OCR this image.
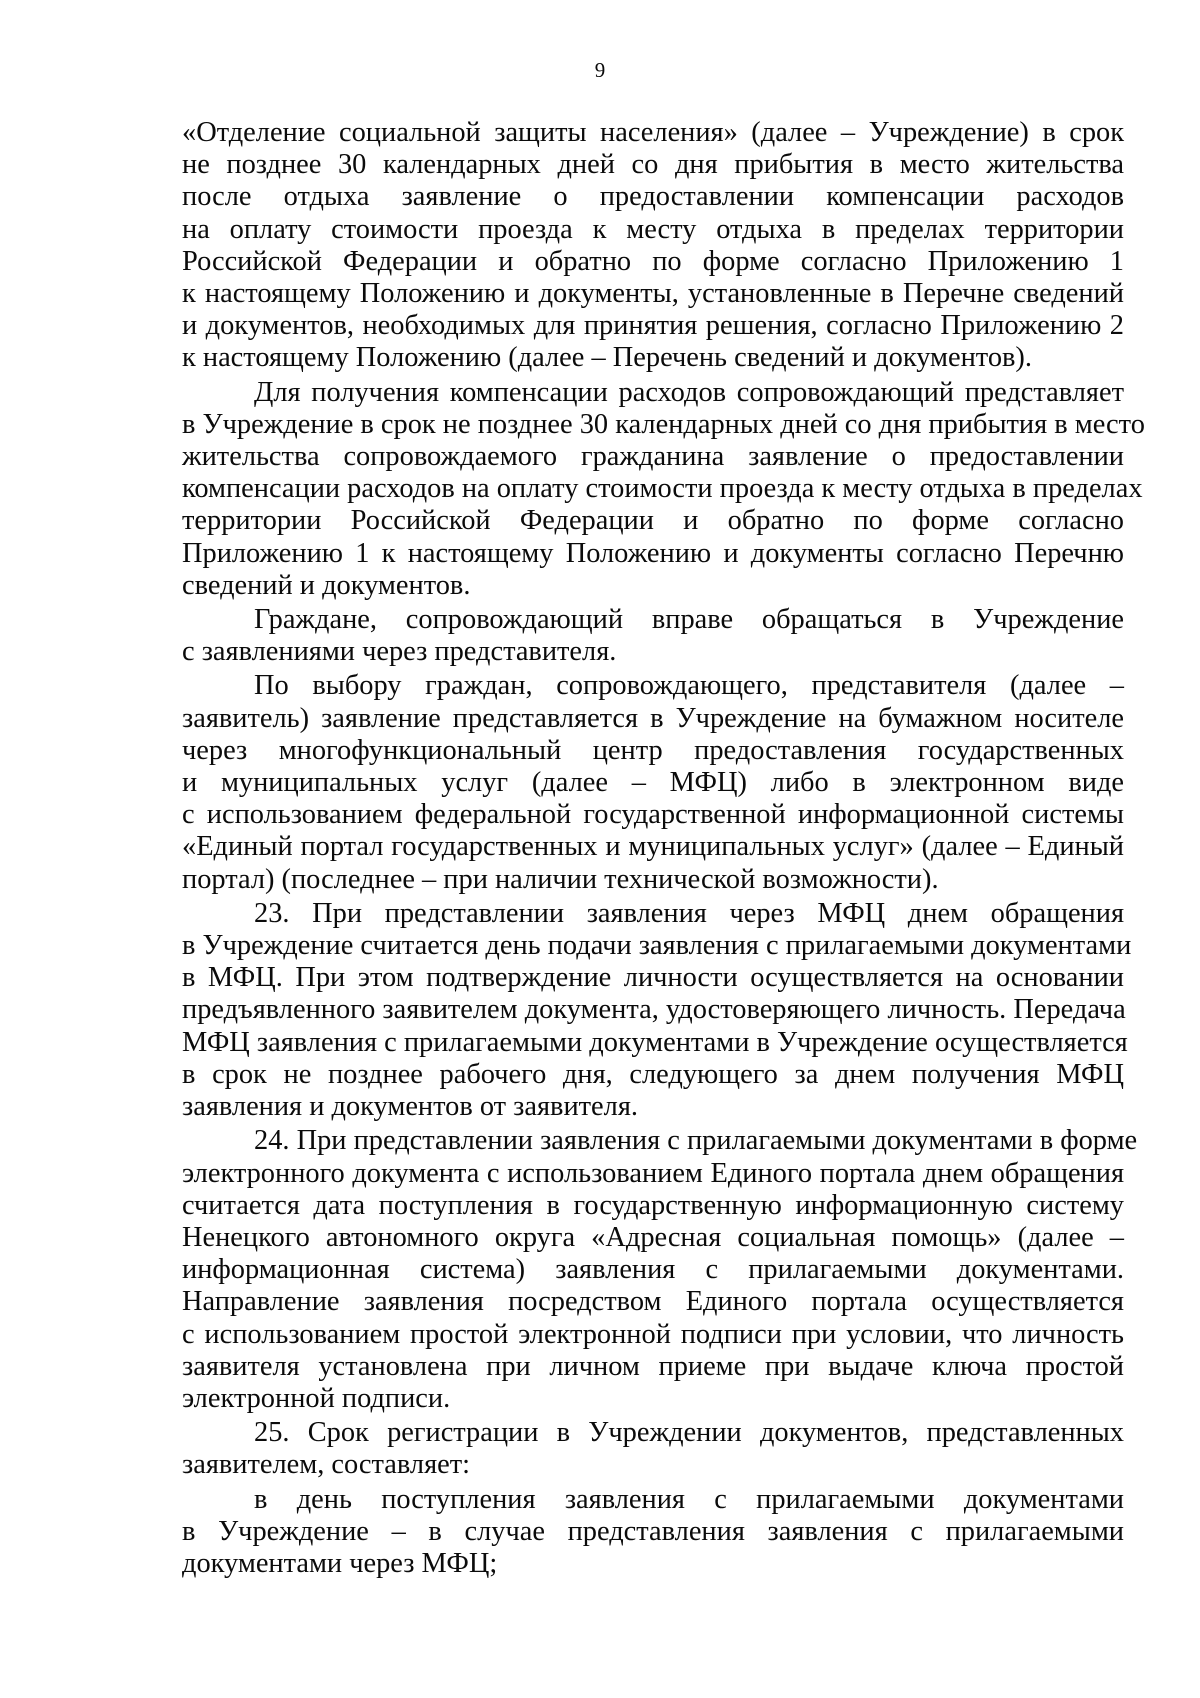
9
«Отделение социальной защиты населения» (далее – Учреждение) в срок
не позднее 30 календарных дней со дня прибытия в место жительства
после отдыха заявление о предоставлении компенсации расходов
на оплату стоимости проезда к месту отдыха в пределах территории
Российской Федерации и обратно по форме согласно Приложению 1
к настоящему Положению и документы, установленные в Перечне сведений
и документов, необходимых для принятия решения, согласно Приложению 2
к настоящему Положению (далее – Перечень сведений и документов).
Для получения компенсации расходов сопровождающий представляет
в Учреждение в срок не позднее 30 календарных дней со дня прибытия в место
жительства сопровождаемого гражданина заявление о предоставлении
компенсации расходов на оплату стоимости проезда к месту отдыха в пределах
территории Российской Федерации и обратно по форме согласно
Приложению 1 к настоящему Положению и документы согласно Перечню
сведений и документов.
Граждане, сопровождающий вправе обращаться в Учреждение
с заявлениями через представителя.
По выбору граждан, сопровождающего, представителя (далее –
заявитель) заявление представляется в Учреждение на бумажном носителе
через многофункциональный центр предоставления государственных
и муниципальных услуг (далее – МФЦ) либо в электронном виде
с использованием федеральной государственной информационной системы
«Единый портал государственных и муниципальных услуг» (далее – Единый
портал) (последнее – при наличии технической возможности).
23. При представлении заявления через МФЦ днем обращения
в Учреждение считается день подачи заявления с прилагаемыми документами
в МФЦ. При этом подтверждение личности осуществляется на основании
предъявленного заявителем документа, удостоверяющего личность. Передача
МФЦ заявления с прилагаемыми документами в Учреждение осуществляется
в срок не позднее рабочего дня, следующего за днем получения МФЦ
заявления и документов от заявителя.
24. При представлении заявления с прилагаемыми документами в форме
электронного документа с использованием Единого портала днем обращения
считается дата поступления в государственную информационную систему
Ненецкого автономного округа «Адресная социальная помощь» (далее –
информационная система) заявления с прилагаемыми документами.
Направление заявления посредством Единого портала осуществляется
с использованием простой электронной подписи при условии, что личность
заявителя установлена при личном приеме при выдаче ключа простой
электронной подписи.
25. Срок регистрации в Учреждении документов, представленных
заявителем, составляет:
в день поступления заявления с прилагаемыми документами
в Учреждение – в случае представления заявления с прилагаемыми
документами через МФЦ;
